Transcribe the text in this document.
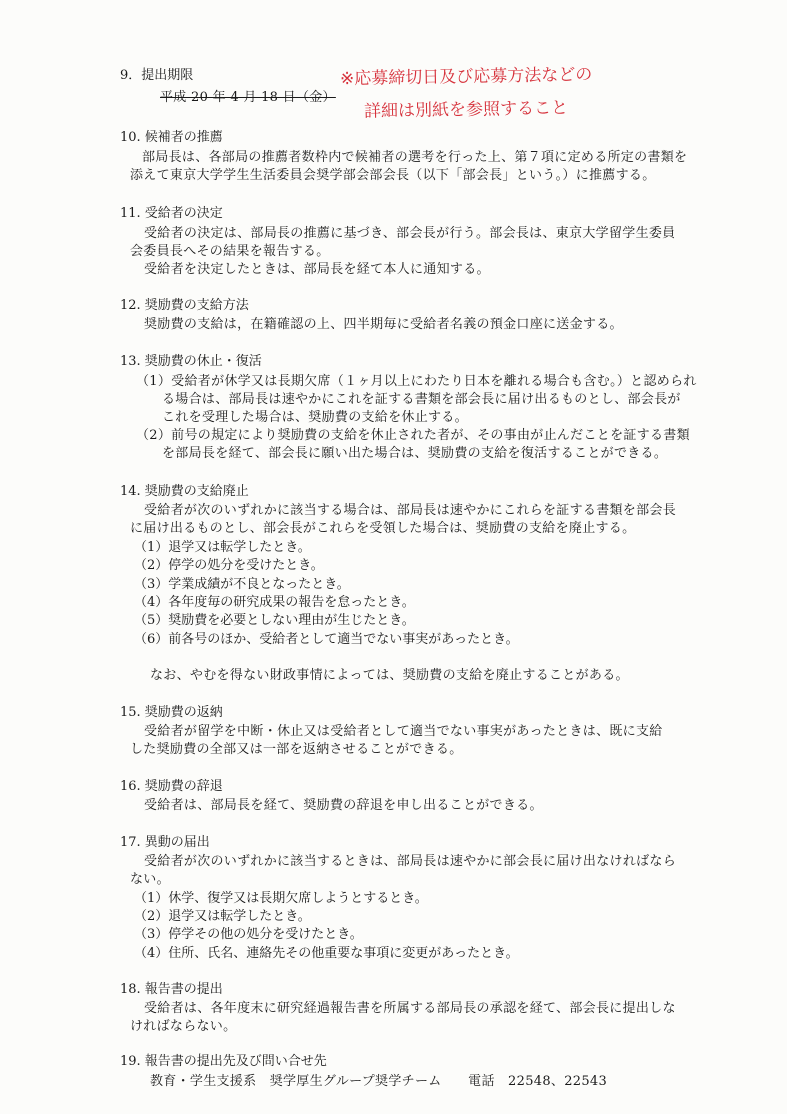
9．提出期限
平成 20 年 4 月 18 日（金）
※応募締切日及び応募方法などの
詳細は別紙を参照すること
10. 候補者の推薦
部局長は、各部局の推薦者数枠内で候補者の選考を行った上、第７項に定める所定の書類を
添えて東京大学学生生活委員会奨学部会部会長（以下「部会長」という。）に推薦する。
11. 受給者の決定
受給者の決定は、部局長の推薦に基づき、部会長が行う。部会長は、東京大学留学生委員
会委員長へその結果を報告する。
受給者を決定したときは、部局長を経て本人に通知する。
12. 奨励費の支給方法
奨励費の支給は，在籍確認の上、四半期毎に受給者名義の預金口座に送金する。
13. 奨励費の休止・復活
（1）受給者が休学又は長期欠席（１ヶ月以上にわたり日本を離れる場合も含む。）と認められ
る場合は、部局長は速やかにこれを証する書類を部会長に届け出るものとし、部会長が
これを受理した場合は、奨励費の支給を休止する。
（2）前号の規定により奨励費の支給を休止された者が、その事由が止んだことを証する書類
を部局長を経て、部会長に願い出た場合は、奨励費の支給を復活することができる。
14. 奨励費の支給廃止
受給者が次のいずれかに該当する場合は、部局長は速やかにこれらを証する書類を部会長
に届け出るものとし、部会長がこれらを受領した場合は、奨励費の支給を廃止する。
（1）退学又は転学したとき。
（2）停学の処分を受けたとき。
（3）学業成績が不良となったとき。
（4）各年度毎の研究成果の報告を怠ったとき。
（5）奨励費を必要としない理由が生じたとき。
（6）前各号のほか、受給者として適当でない事実があったとき。
なお、やむを得ない財政事情によっては、奨励費の支給を廃止することがある。
15. 奨励費の返納
受給者が留学を中断・休止又は受給者として適当でない事実があったときは、既に支給
した奨励費の全部又は一部を返納させることができる。
16. 奨励費の辞退
受給者は、部局長を経て、奨励費の辞退を申し出ることができる。
17. 異動の届出
受給者が次のいずれかに該当するときは、部局長は速やかに部会長に届け出なければなら
ない。
（1）休学、復学又は長期欠席しようとするとき。
（2）退学又は転学したとき。
（3）停学その他の処分を受けたとき。
（4）住所、氏名、連絡先その他重要な事項に変更があったとき。
18. 報告書の提出
受給者は、各年度末に研究経過報告書を所属する部局長の承認を経て、部会長に提出しな
ければならない。
19. 報告書の提出先及び問い合せ先
教育・学生支援系　奨学厚生グループ奨学チーム　　電話　22548、22543
